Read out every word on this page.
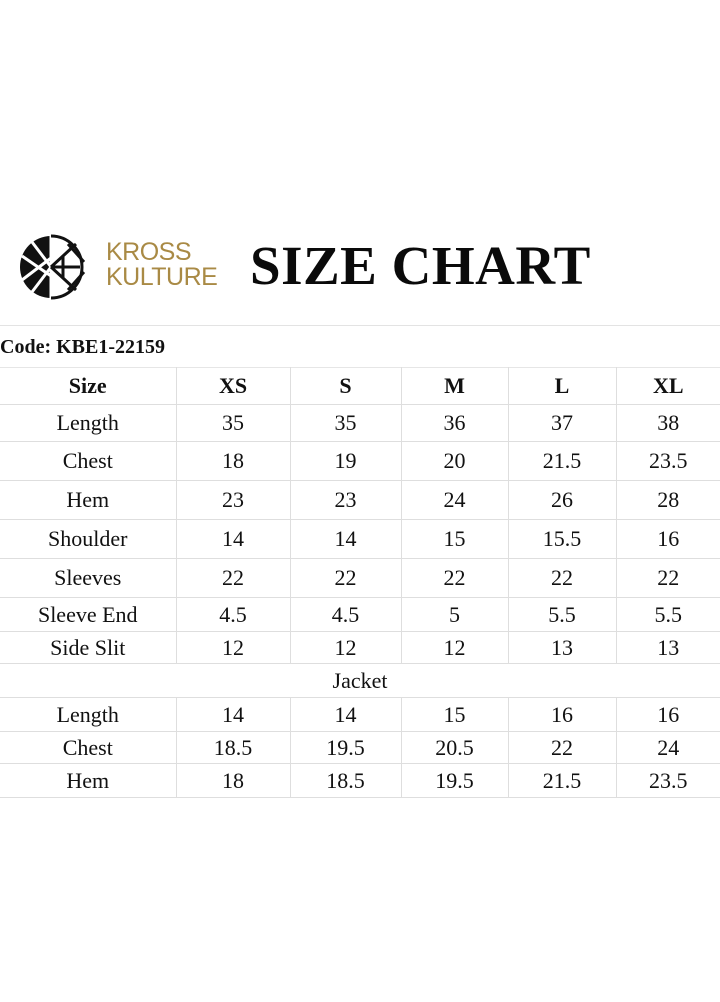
KROSS
KULTURE SIZE CHART
Code: KBE1-22159
Size	XS	S	M	L	XL
Length	35	35	36	37	38
Chest	18	19	20	21.5	23.5
Hem	23	23	24	26	28
Shoulder	14	14	15	15.5	16
Sleeves	22	22	22	22	22
Sleeve End	4.5	4.5	5	5.5	5.5
Side Slit	12	12	12	13	13
Jacket					
Length	14	14	15	16	16
Chest	18.5	19.5	20.5	22	24
Hem	18	18.5	19.5	21.5	23.5
